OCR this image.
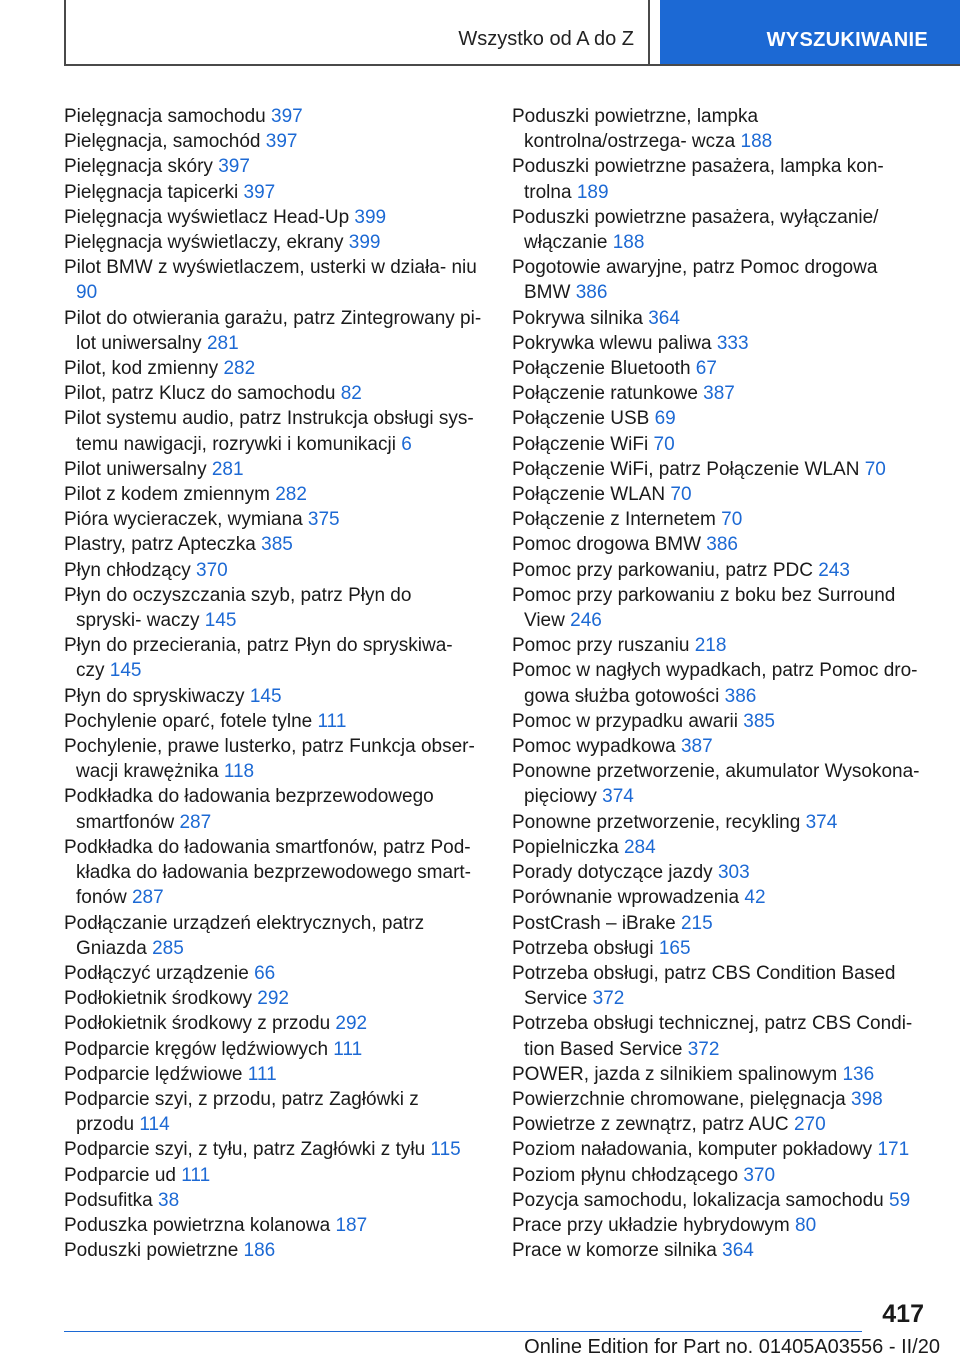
Wszystko od A do Z	WYSZUKIWANIE
Pielęgnacja samochodu 397
Pielęgnacja, samochód 397
Pielęgnacja skóry 397
Pielęgnacja tapicerki 397
Pielęgnacja wyświetlacz Head-Up 399
Pielęgnacja wyświetlaczy, ekrany 399
Pilot BMW z wyświetlaczem, usterki w działa‐ niu 90
Pilot do otwierania garażu, patrz Zintegrowany pi‐ lot uniwersalny 281
Pilot, kod zmienny 282
Pilot, patrz Klucz do samochodu 82
Pilot systemu audio, patrz Instrukcja obsługi sys‐ temu nawigacji, rozrywki i komunikacji 6
Pilot uniwersalny 281
Pilot z kodem zmiennym 282
Pióra wycieraczek, wymiana 375
Plastry, patrz Apteczka 385
Płyn chłodzący 370
Płyn do oczyszczania szyb, patrz Płyn do spryski‐ waczy 145
Płyn do przecierania, patrz Płyn do spryskiwa‐ czy 145
Płyn do spryskiwaczy 145
Pochylenie oparć, fotele tylne 111
Pochylenie, prawe lusterko, patrz Funkcja obser‐ wacji krawężnika 118
Podkładka do ładowania bezprzewodowego smartfonów 287
Podkładka do ładowania smartfonów, patrz Pod‐ kładka do ładowania bezprzewodowego smart‐ fonów 287
Podłączanie urządzeń elektrycznych, patrz Gniazda 285
Podłączyć urządzenie 66
Podłokietnik środkowy 292
Podłokietnik środkowy z przodu 292
Podparcie kręgów lędźwiowych 111
Podparcie lędźwiowe 111
Podparcie szyi, z przodu, patrz Zagłówki z przodu 114
Podparcie szyi, z tyłu, patrz Zagłówki z tyłu 115
Podparcie ud 111
Podsufitka 38
Poduszka powietrzna kolanowa 187
Poduszki powietrzne 186
Poduszki powietrzne, lampka kontrolna/ostrzega‐ wcza 188
Poduszki powietrzne pasażera, lampka kon‐ trolna 189
Poduszki powietrzne pasażera, wyłączanie/ włączanie 188
Pogotowie awaryjne, patrz Pomoc drogowa BMW 386
Pokrywa silnika 364
Pokrywka wlewu paliwa 333
Połączenie Bluetooth 67
Połączenie ratunkowe 387
Połączenie USB 69
Połączenie WiFi 70
Połączenie WiFi, patrz Połączenie WLAN 70
Połączenie WLAN 70
Połączenie z Internetem 70
Pomoc drogowa BMW 386
Pomoc przy parkowaniu, patrz PDC 243
Pomoc przy parkowaniu z boku bez Surround View 246
Pomoc przy ruszaniu 218
Pomoc w nagłych wypadkach, patrz Pomoc dro‐ gowa służba gotowości 386
Pomoc w przypadku awarii 385
Pomoc wypadkowa 387
Ponowne przetworzenie, akumulator Wysokona‐ pięciowy 374
Ponowne przetworzenie, recykling 374
Popielniczka 284
Porady dotyczące jazdy 303
Porównanie wprowadzenia 42
PostCrash – iBrake 215
Potrzeba obsługi 165
Potrzeba obsługi, patrz CBS Condition Based Service 372
Potrzeba obsługi technicznej, patrz CBS Condi‐ tion Based Service 372
POWER, jazda z silnikiem spalinowym 136
Powierzchnie chromowane, pielęgnacja 398
Powietrze z zewnątrz, patrz AUC 270
Poziom naładowania, komputer pokładowy 171
Poziom płynu chłodzącego 370
Pozycja samochodu, lokalizacja samochodu 59
Prace przy układzie hybrydowym 80
Prace w komorze silnika 364
417
Online Edition for Part no. 01405A03556 - II/20
